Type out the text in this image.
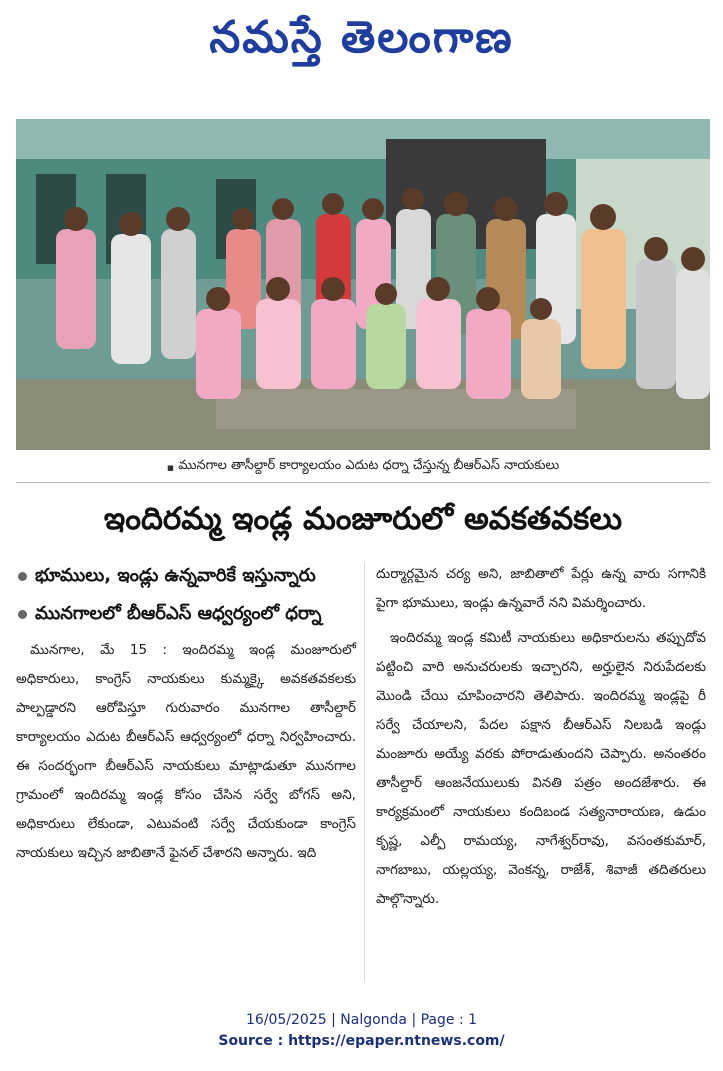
నమస్తే తెలంగాణ
▪ మునగాల తాసీల్దార్ కార్యాలయం ఎదుట ధర్నా చేస్తున్న బీఆర్ఎస్ నాయకులు
ఇందిరమ్మ ఇండ్ల మంజూరులో అవకతవకలు
భూములు, ఇండ్లు ఉన్నవారికే ఇస్తున్నారు
మునగాలలో బీఆర్ఎస్ ఆధ్వర్యంలో ధర్నా

మునగాల, మే 15 : ఇందిరమ్మ ఇండ్ల మంజూరులో అధికారులు, కాంగ్రెస్ నాయకులు కుమ్మక్కై అవకతవకలకు పాల్పడ్డారని ఆరోపిస్తూ గురువారం మునగాల తాసీల్దార్ కార్యాలయం ఎదుట బీఆర్ఎస్ ఆధ్వర్యంలో ధర్నా నిర్వహించారు. ఈ సందర్భంగా బీఆర్ఎస్ నాయకులు మాట్లాడుతూ మునగాల గ్రామంలో ఇందిరమ్మ ఇండ్ల కోసం చేసిన సర్వే బోగస్ అని, అధికారులు లేకుండా, ఎటువంటి సర్వే చేయకుండా కాంగ్రెస్ నాయకులు ఇచ్చిన జాబితానే ఫైనల్ చేశారని అన్నారు. ఇది

దుర్మార్గమైన చర్య అని, జాబితాలో పేర్లు ఉన్న వారు సగానికి పైగా భూములు, ఇండ్లు ఉన్నవారే నని విమర్శించారు.

ఇందిరమ్మ ఇండ్ల కమిటీ నాయకులు అధికారులను తప్పుదోవ పట్టించి వారి అనుచరులకు ఇచ్చారని, అర్హులైన నిరుపేదలకు మొండి చేయి చూపించారని తెలిపారు. ఇందిరమ్మ ఇండ్లపై రీ సర్వే చేయాలని, పేదల పక్షాన బీఆర్ఎస్ నిలబడి ఇండ్లు మంజూరు అయ్యే వరకు పోరాడుతుందని చెప్పారు. అనంతరం తాసీల్దార్ ఆంజనేయులుకు వినతి పత్రం అందజేశారు. ఈ కార్యక్రమంలో నాయకులు కందిబండ సత్యనారాయణ, ఉడుం కృష్ణ, ఎల్పీ రామయ్య, నాగేశ్వర్‌రావు, వసంతకుమార్, నాగబాబు, యల్లయ్య, వెంకన్న, రాజేశ్, శివాజీ తదితరులు పాల్గొన్నారు.

16/05/2025 | Nalgonda | Page : 1
Source : https://epaper.ntnews.com/
